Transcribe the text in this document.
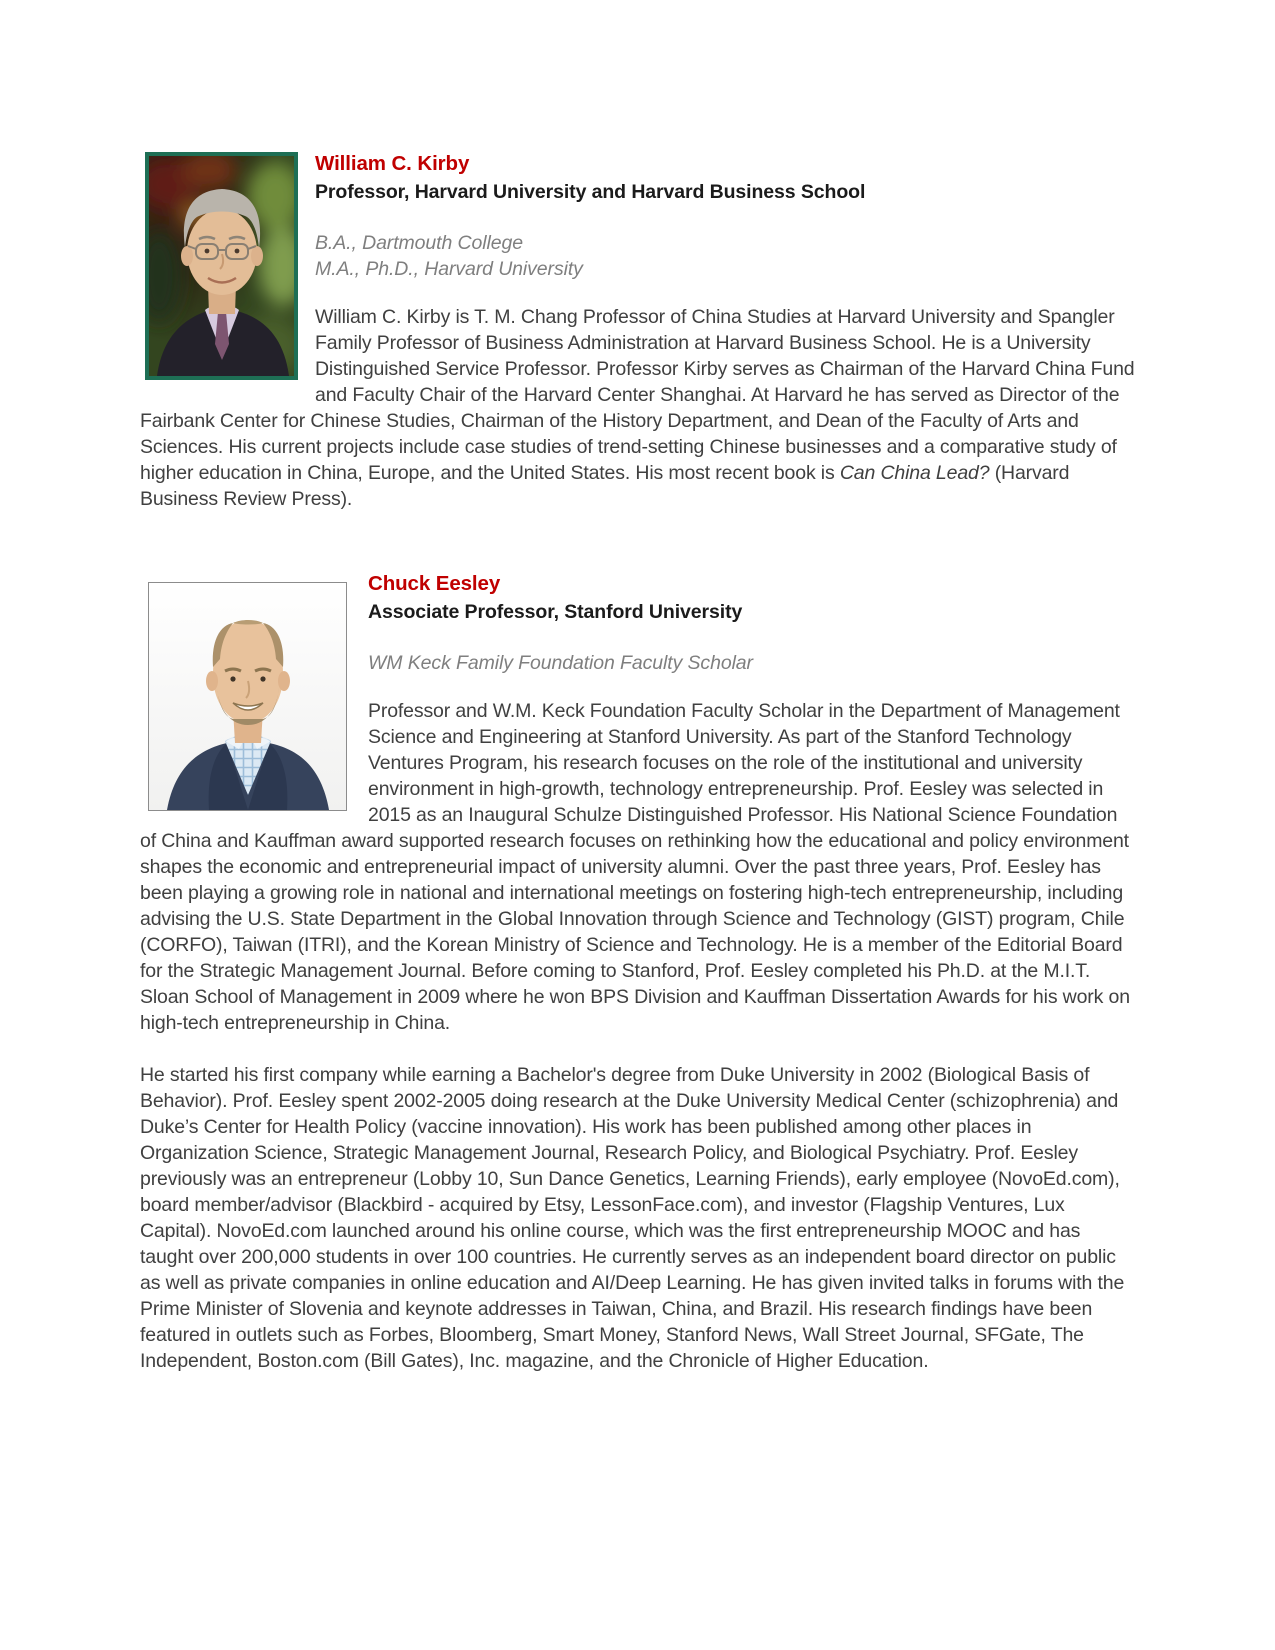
William C. Kirby
Professor, Harvard University and Harvard Business School
B.A., Dartmouth College
M.A., Ph.D., Harvard University

William C. Kirby is T. M. Chang Professor of China Studies at Harvard University and Spangler Family Professor of Business Administration at Harvard Business School. He is a University Distinguished Service Professor. Professor Kirby serves as Chairman of the Harvard China Fund and Faculty Chair of the Harvard Center Shanghai. At Harvard he has served as Director of the Fairbank Center for Chinese Studies, Chairman of the History Department, and Dean of the Faculty of Arts and Sciences. His current projects include case studies of trend-setting Chinese businesses and a comparative study of higher education in China, Europe, and the United States. His most recent book is Can China Lead? (Harvard Business Review Press).

Chuck Eesley
Associate Professor, Stanford University
WM Keck Family Foundation Faculty Scholar

Professor and W.M. Keck Foundation Faculty Scholar in the Department of Management Science and Engineering at Stanford University. As part of the Stanford Technology Ventures Program, his research focuses on the role of the institutional and university environment in high-growth, technology entrepreneurship. Prof. Eesley was selected in 2015 as an Inaugural Schulze Distinguished Professor. His National Science Foundation of China and Kauffman award supported research focuses on rethinking how the educational and policy environment shapes the economic and entrepreneurial impact of university alumni. Over the past three years, Prof. Eesley has been playing a growing role in national and international meetings on fostering high-tech entrepreneurship, including advising the U.S. State Department in the Global Innovation through Science and Technology (GIST) program, Chile (CORFO), Taiwan (ITRI), and the Korean Ministry of Science and Technology. He is a member of the Editorial Board for the Strategic Management Journal. Before coming to Stanford, Prof. Eesley completed his Ph.D. at the M.I.T. Sloan School of Management in 2009 where he won BPS Division and Kauffman Dissertation Awards for his work on high-tech entrepreneurship in China.

He started his first company while earning a Bachelor's degree from Duke University in 2002 (Biological Basis of Behavior). Prof. Eesley spent 2002-2005 doing research at the Duke University Medical Center (schizophrenia) and Duke’s Center for Health Policy (vaccine innovation). His work has been published among other places in Organization Science, Strategic Management Journal, Research Policy, and Biological Psychiatry. Prof. Eesley previously was an entrepreneur (Lobby 10, Sun Dance Genetics, Learning Friends), early employee (NovoEd.com), board member/advisor (Blackbird - acquired by Etsy, LessonFace.com), and investor (Flagship Ventures, Lux Capital). NovoEd.com launched around his online course, which was the first entrepreneurship MOOC and has taught over 200,000 students in over 100 countries. He currently serves as an independent board director on public as well as private companies in online education and AI/Deep Learning. He has given invited talks in forums with the Prime Minister of Slovenia and keynote addresses in Taiwan, China, and Brazil. His research findings have been featured in outlets such as Forbes, Bloomberg, Smart Money, Stanford News, Wall Street Journal, SFGate, The Independent, Boston.com (Bill Gates), Inc. magazine, and the Chronicle of Higher Education.
